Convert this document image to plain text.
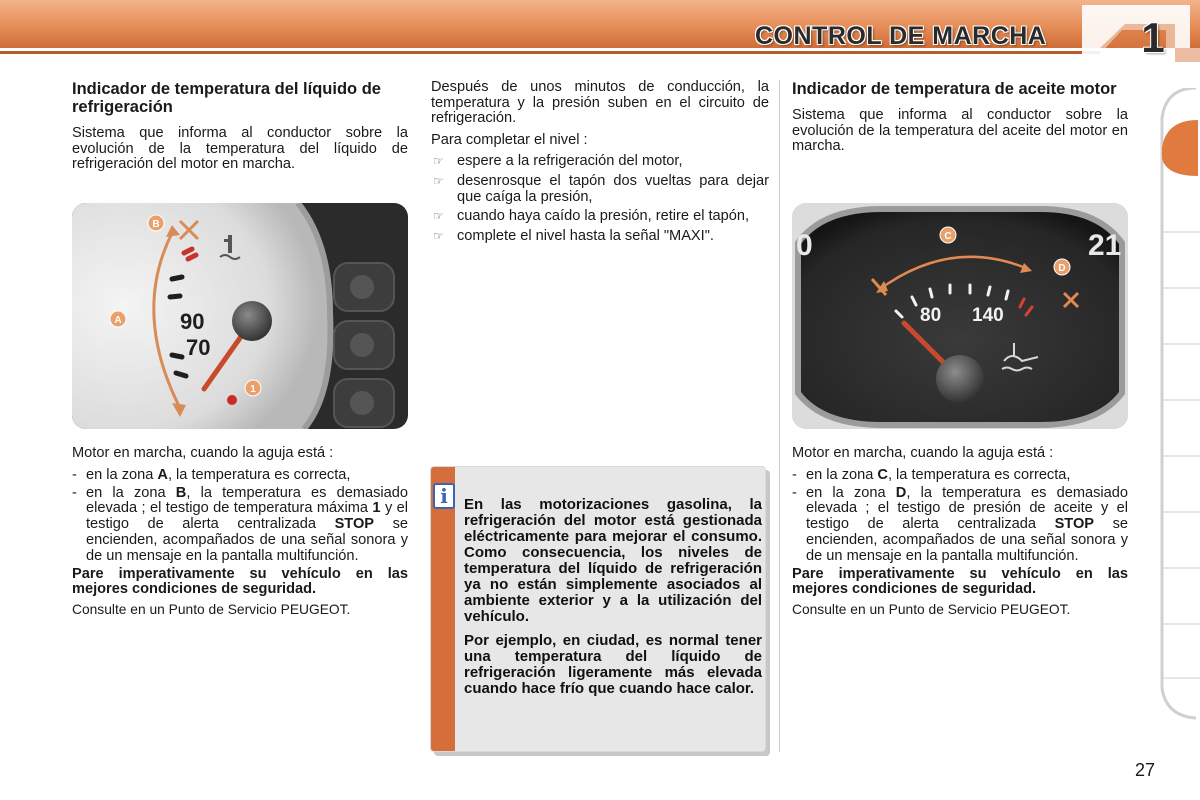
CONTROL DE MARCHA 1
Indicador de temperatura del líquido de refrigeración

Sistema que informa al conductor sobre la evolución de la temperatura del líquido de refrigeración del motor en marcha.

90
70
B
A
1

Motor en marcha, cuando la aguja está :

- en la zona A, la temperatura es correcta,
- en la zona B, la temperatura es demasiado elevada ; el testigo de temperatura máxima 1 y el testigo de alerta centralizada STOP se encienden, acompañados de una señal sonora y de un mensaje en la pantalla multifunción.

Pare imperativamente su vehículo en las mejores condiciones de seguridad.

Consulte en un Punto de Servicio PEUGEOT.

Después de unos minutos de conducción, la temperatura y la presión suben en el circuito de refrigeración.

Para completar el nivel :

☞ espere a la refrigeración del motor,
☞ desenrosque el tapón dos vueltas para dejar que caíga la presión,
☞ cuando haya caído la presión, retire el tapón,
☞ complete el nivel hasta la señal "MAXI".
i	En las motorizaciones gasolina, la refrigeración del motor está gestionada eléctricamente para mejorar el consumo. Como consecuencia, los niveles de temperatura del líquido de refrigeración ya no están simplemente asociados al ambiente exterior y a la utilización del vehículo.

Por ejemplo, en ciudad, es normal tener una temperatura del líquido de refrigeración ligeramente más elevada cuando hace frío que cuando hace calor.

Indicador de temperatura de aceite motor

Sistema que informa al conductor sobre la evolución de la temperatura del aceite del motor en marcha.

0	21
80 140
C
D

Motor en marcha, cuando la aguja está :

- en la zona C, la temperatura es correcta,
- en la zona D, la temperatura es demasiado elevada ; el testigo de presión de aceite y el testigo de alerta centralizada STOP se encienden, acompañados de una señal sonora y de un mensaje en la pantalla multifunción.

Pare imperativamente su vehículo en las mejores condiciones de seguridad.

Consulte en un Punto de Servicio PEUGEOT.

27
